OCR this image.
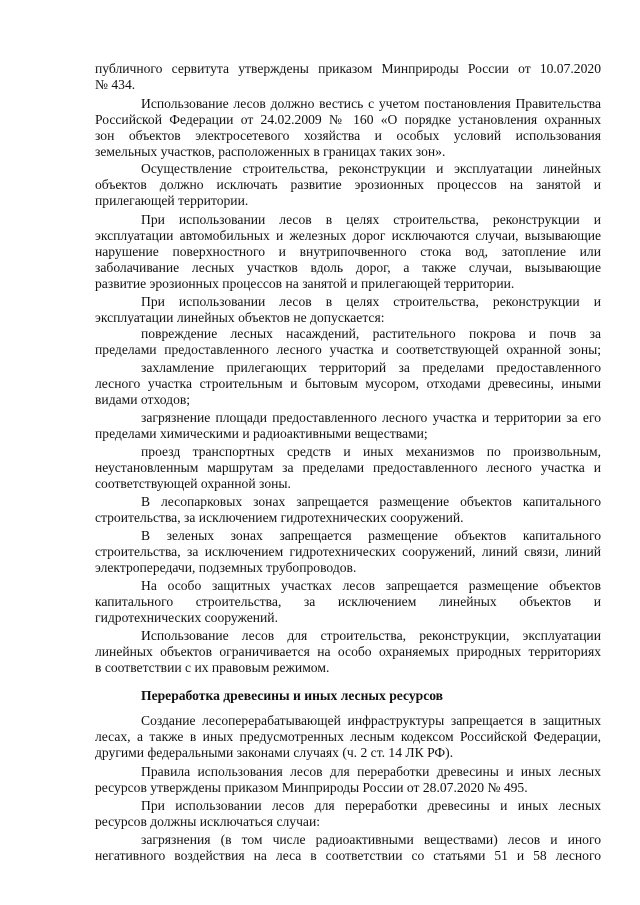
публичного сервитута утверждены приказом Минприроды России от 10.07.2020
№ 434.
Использование лесов должно вестись с учетом постановления Правительства
Российской Федерации от 24.02.2009 № 160 «О порядке установления охранных
зон объектов электросетевого хозяйства и особых условий использования
земельных участков, расположенных в границах таких зон».
Осуществление строительства, реконструкции и эксплуатации линейных
объектов должно исключать развитие эрозионных процессов на занятой и
прилегающей территории.
При использовании лесов в целях строительства, реконструкции и
эксплуатации автомобильных и железных дорог исключаются случаи, вызывающие
нарушение поверхностного и внутрипочвенного стока вод, затопление или
заболачивание лесных участков вдоль дорог, а также случаи, вызывающие
развитие эрозионных процессов на занятой и прилегающей территории.
При использовании лесов в целях строительства, реконструкции и
эксплуатации линейных объектов не допускается:
повреждение лесных насаждений, растительного покрова и почв за
пределами предоставленного лесного участка и соответствующей охранной зоны;
захламление прилегающих территорий за пределами предоставленного
лесного участка строительным и бытовым мусором, отходами древесины, иными
видами отходов;
загрязнение площади предоставленного лесного участка и территории за его
пределами химическими и радиоактивными веществами;
проезд транспортных средств и иных механизмов по произвольным,
неустановленным маршрутам за пределами предоставленного лесного участка и
соответствующей охранной зоны.
В лесопарковых зонах запрещается размещение объектов капитального
строительства, за исключением гидротехнических сооружений.
В зеленых зонах запрещается размещение объектов капитального
строительства, за исключением гидротехнических сооружений, линий связи, линий
электропередачи, подземных трубопроводов.
На особо защитных участках лесов запрещается размещение объектов
капитального строительства, за исключением линейных объектов и
гидротехнических сооружений.
Использование лесов для строительства, реконструкции, эксплуатации
линейных объектов ограничивается на особо охраняемых природных территориях
в соответствии с их правовым режимом.
Переработка древесины и иных лесных ресурсов
Создание лесоперерабатывающей инфраструктуры запрещается в защитных
лесах, а также в иных предусмотренных лесным кодексом Российской Федерации,
другими федеральными законами случаях (ч. 2 ст. 14 ЛК РФ).
Правила использования лесов для переработки древесины и иных лесных
ресурсов утверждены приказом Минприроды России от 28.07.2020 № 495.
При использовании лесов для переработки древесины и иных лесных
ресурсов должны исключаться случаи:
загрязнения (в том числе радиоактивными веществами) лесов и иного
негативного воздействия на леса в соответствии со статьями 51 и 58 лесного
